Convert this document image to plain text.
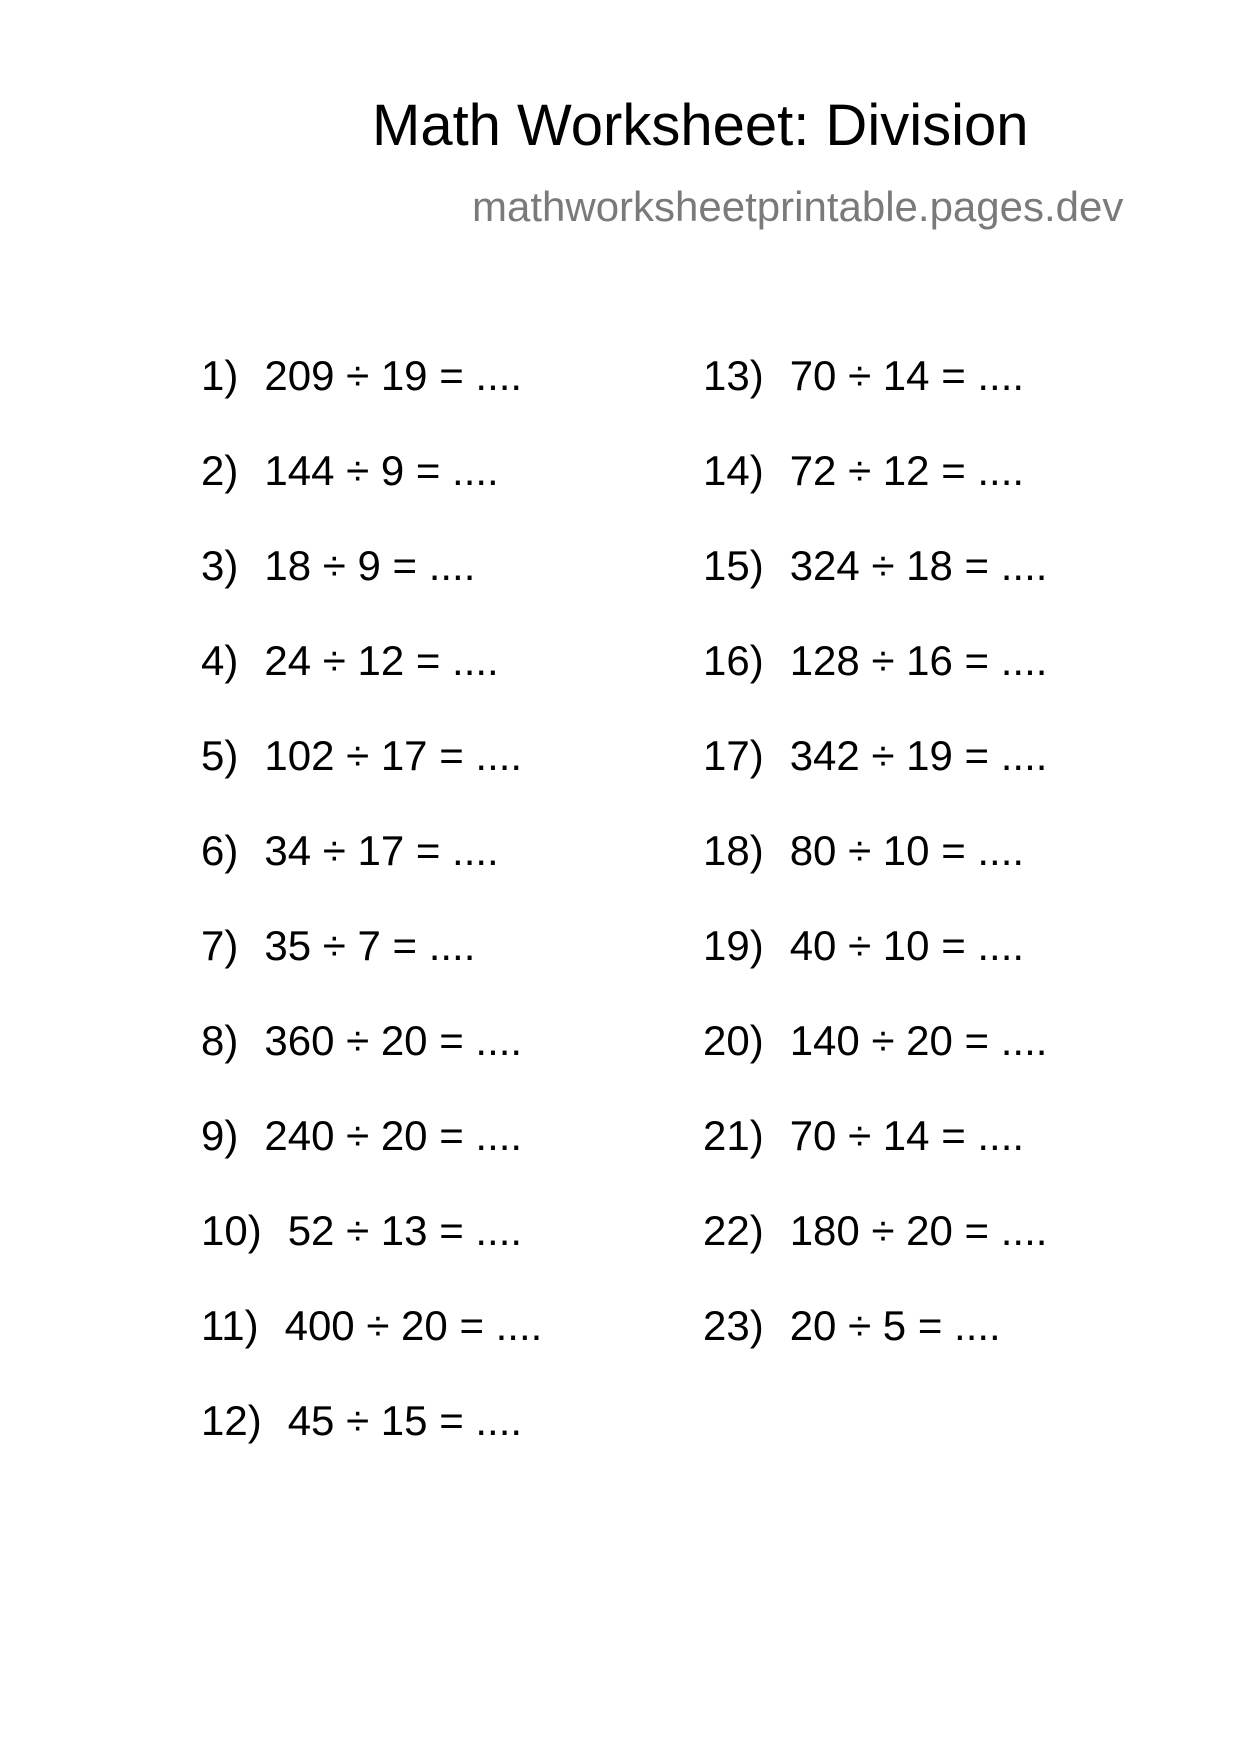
Math Worksheet: Division
mathworksheetprintable.pages.dev
1) 209 ÷ 19 = ....
2) 144 ÷ 9 = ....
3) 18 ÷ 9 = ....
4) 24 ÷ 12 = ....
5) 102 ÷ 17 = ....
6) 34 ÷ 17 = ....
7) 35 ÷ 7 = ....
8) 360 ÷ 20 = ....
9) 240 ÷ 20 = ....
10) 52 ÷ 13 = ....
11) 400 ÷ 20 = ....
12) 45 ÷ 15 = ....
13) 70 ÷ 14 = ....
14) 72 ÷ 12 = ....
15) 324 ÷ 18 = ....
16) 128 ÷ 16 = ....
17) 342 ÷ 19 = ....
18) 80 ÷ 10 = ....
19) 40 ÷ 10 = ....
20) 140 ÷ 20 = ....
21) 70 ÷ 14 = ....
22) 180 ÷ 20 = ....
23) 20 ÷ 5 = ....
